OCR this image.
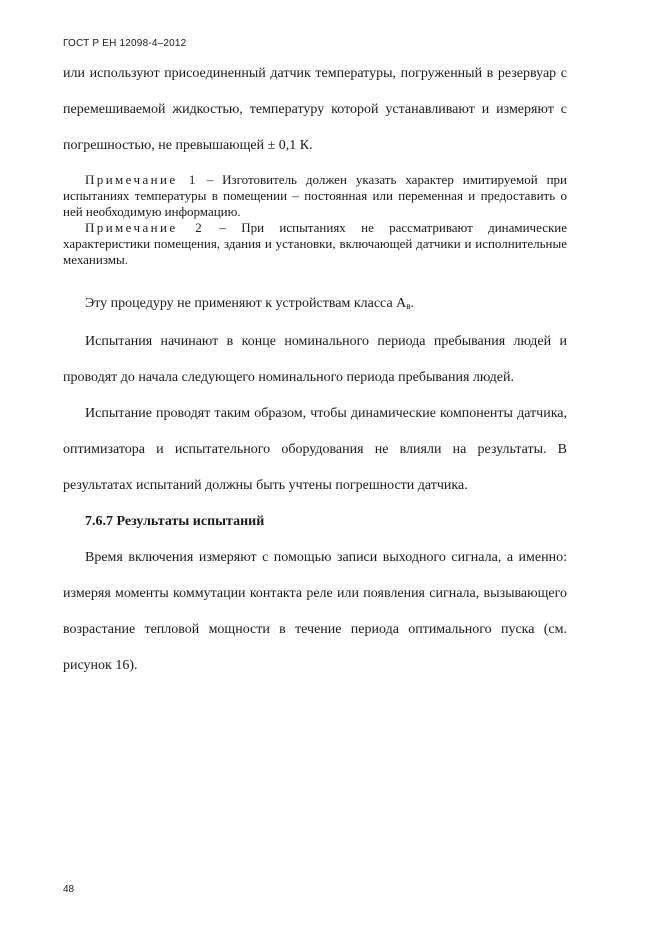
ГОСТ Р ЕН 12098-4–2012

или используют присоединенный датчик температуры, погруженный в резервуар с перемешиваемой жидкостью, температуру которой устанавливают и измеряют с погрешностью, не превышающей ± 0,1 К.

Примечание 1 – Изготовитель должен указать характер имитируемой при испытаниях температуры в помещении – постоянная или переменная и предоставить о ней необходимую информацию.

Примечание 2 – При испытаниях не рассматривают динамические характеристики помещения, здания и установки, включающей датчики и исполнительные механизмы.

Эту процедуру не применяют к устройствам класса $А_в$.

Испытания начинают в конце номинального периода пребывания людей и проводят до начала следующего номинального периода пребывания людей.

Испытание проводят таким образом, чтобы динамические компоненты датчика, оптимизатора и испытательного оборудования не влияли на результаты. В результатах испытаний должны быть учтены погрешности датчика.

7.6.7 Результаты испытаний

Время включения измеряют с помощью записи выходного сигнала, а именно: измеряя моменты коммутации контакта реле или появления сигнала, вызывающего возрастание тепловой мощности в течение периода оптимального пуска (см. рисунок 16).

48
